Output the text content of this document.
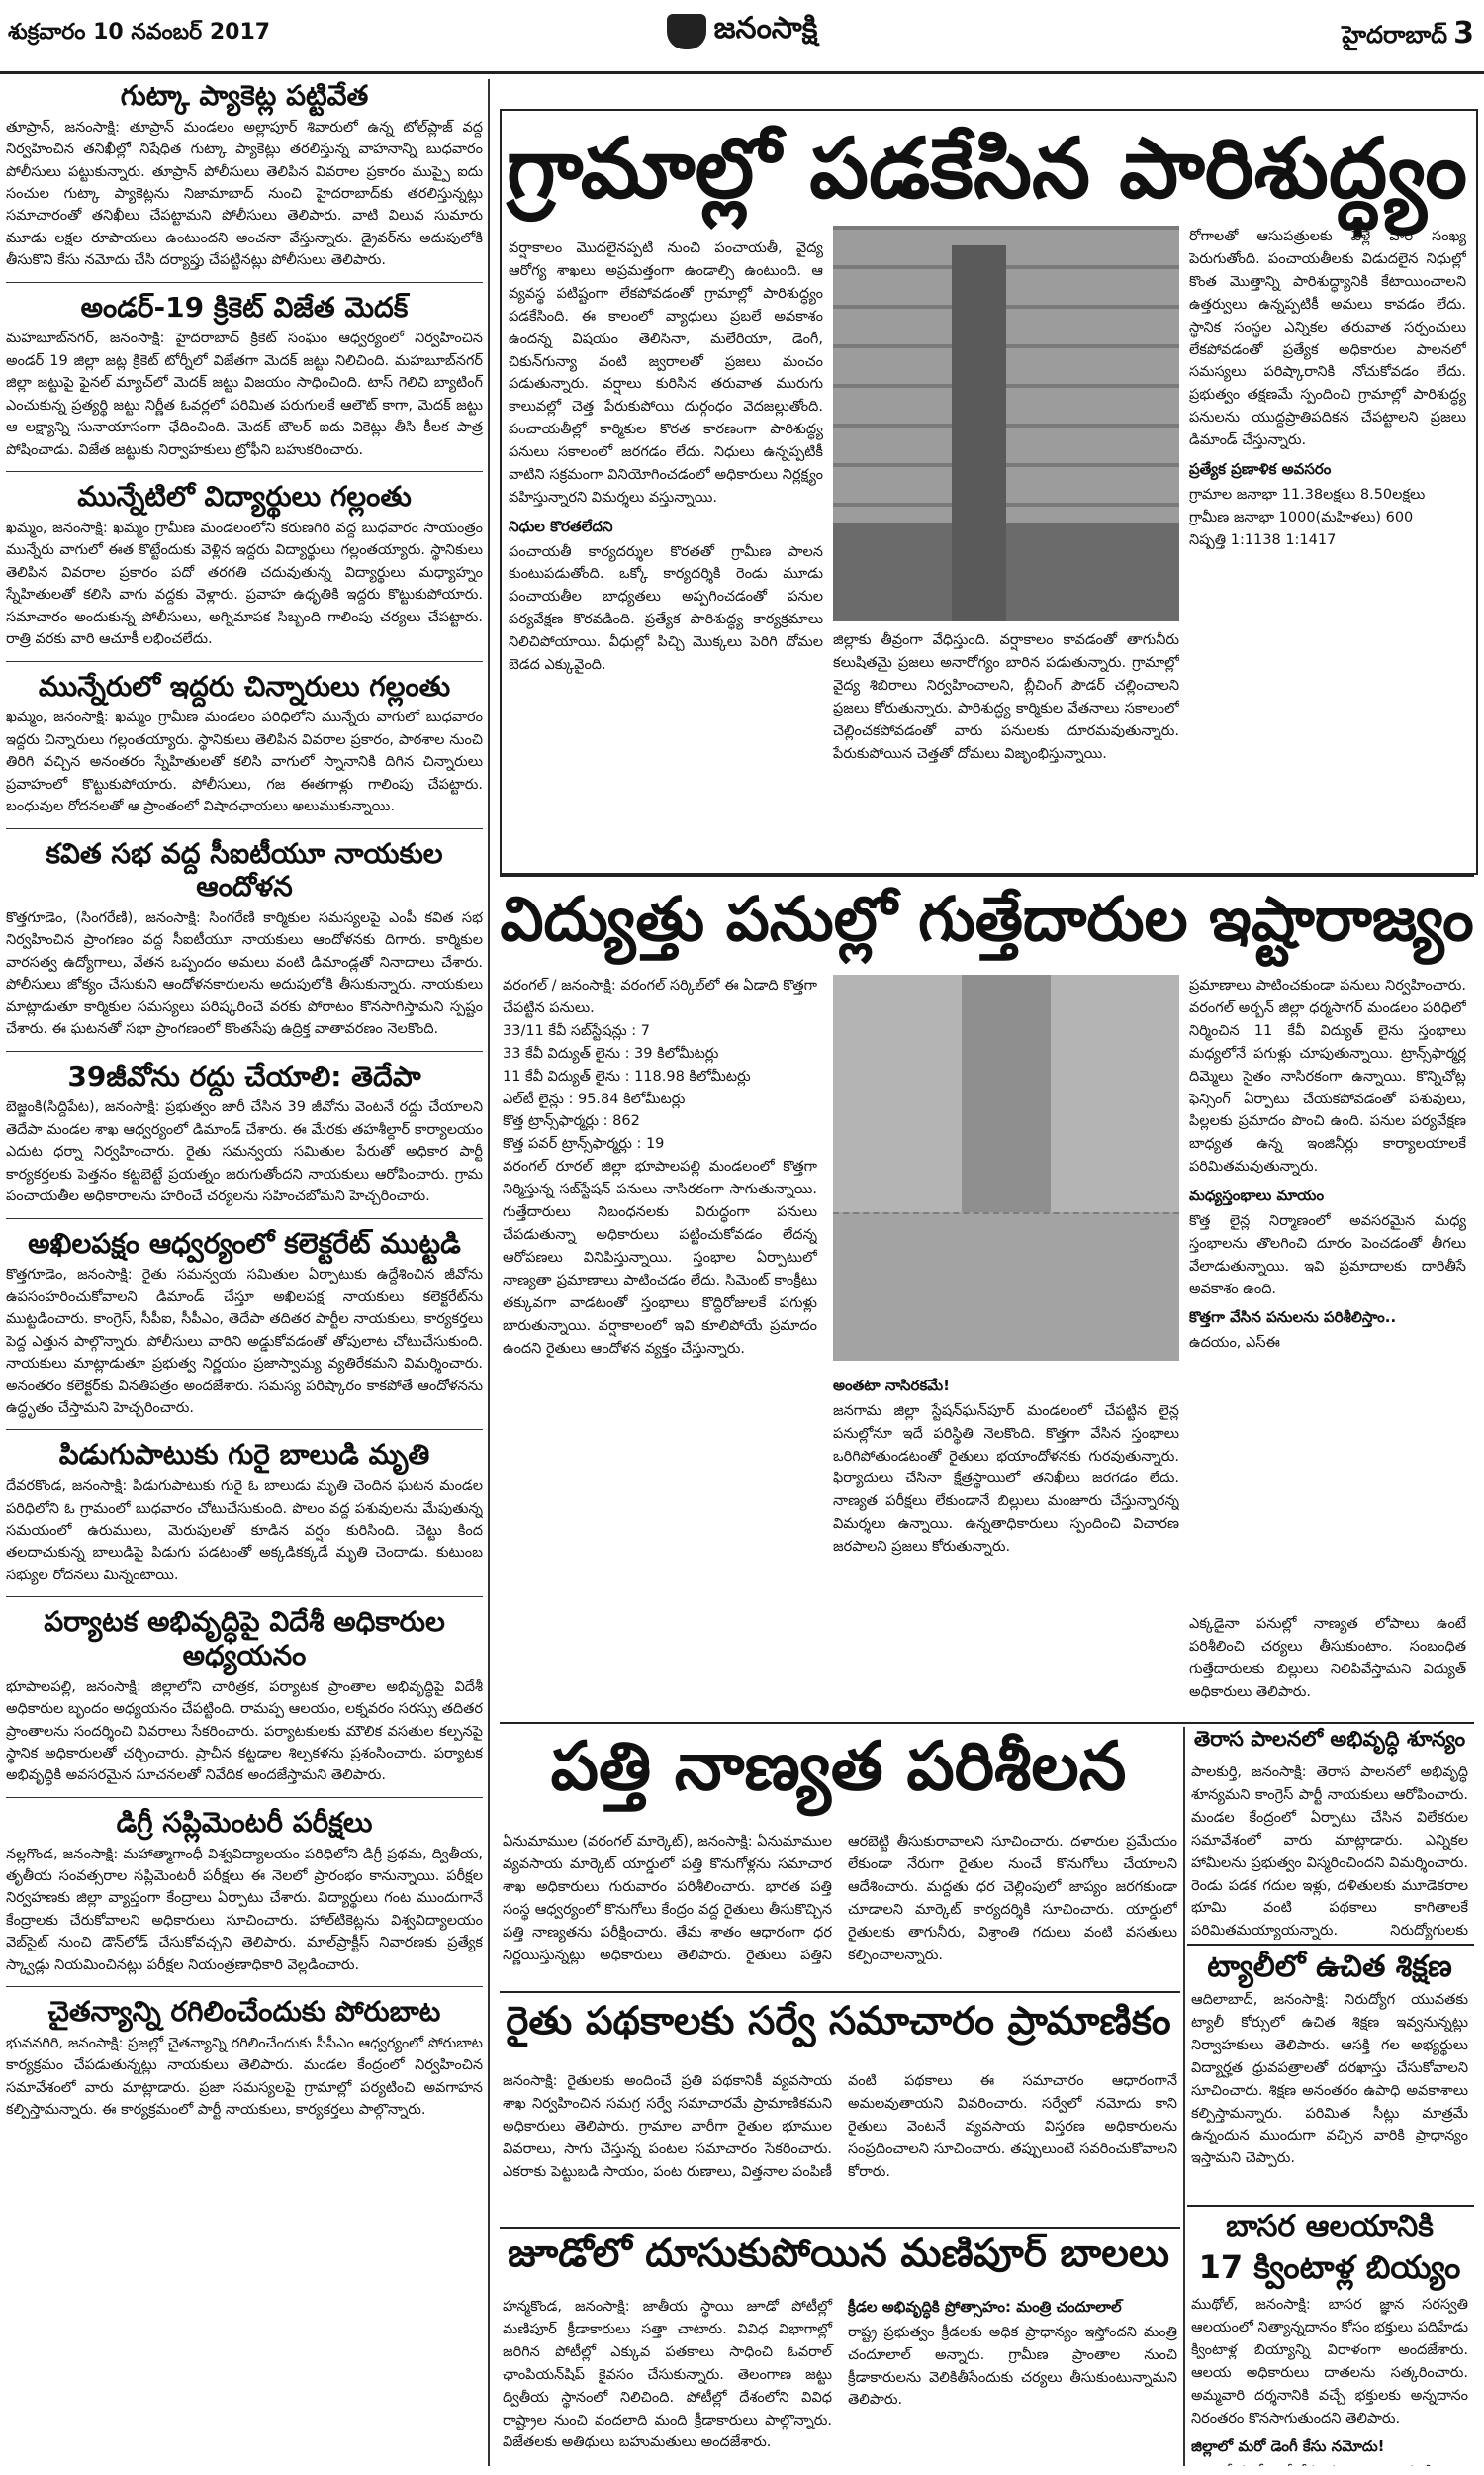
శుక్రవారం 10 నవంబర్ 2017	జనంసాక్షి	హైదరాబాద్ 3
గుట్కా ప్యాకెట్ల పట్టివేత

తూప్రాన్‌, జనంసాక్షి: తూప్రాన్‌ మండలం అల్లాపూర్‌ శివారులో ఉన్న టోల్‌ప్లాజ్‌ వద్ద నిర్వహించిన తనిఖీల్లో నిషేధిత గుట్కా ప్యాకెట్లు తరలిస్తున్న వాహనాన్ని బుధవారం పోలీసులు పట్టుకున్నారు. తూప్రాన్‌ పోలీసులు తెలిపిన వివరాల ప్రకారం ముప్పై ఐదు సంచుల గుట్కా ప్యాకెట్లను నిజామాబాద్‌ నుంచి హైదరాబాద్‌కు తరలిస్తున్నట్లు సమాచారంతో తనిఖీలు చేపట్టామని పోలీసులు తెలిపారు. వాటి విలువ సుమారు మూడు లక్షల రూపాయలు ఉంటుందని అంచనా వేస్తున్నారు. డ్రైవర్‌ను అదుపులోకి తీసుకొని కేసు నమోదు చేసి దర్యాప్తు చేపట్టినట్లు పోలీసులు తెలిపారు.

అండర్‌-19 క్రికెట్‌ విజేత మెదక్‌

మహబూబ్‌నగర్‌, జనంసాక్షి: హైదరాబాద్‌ క్రికెట్‌ సంఘం ఆధ్వర్యంలో నిర్వహించిన అండర్‌ 19 జిల్లా జట్ల క్రికెట్‌ టోర్నీలో విజేతగా మెదక్‌ జట్టు నిలిచింది. మహబూబ్‌నగర్‌ జిల్లా జట్టుపై ఫైనల్‌ మ్యాచ్‌లో మెదక్‌ జట్టు విజయం సాధించింది. టాస్‌ గెలిచి బ్యాటింగ్‌ ఎంచుకున్న ప్రత్యర్థి జట్టు నిర్ణీత ఓవర్లలో పరిమిత పరుగులకే ఆలౌట్‌ కాగా, మెదక్‌ జట్టు ఆ లక్ష్యాన్ని సునాయాసంగా ఛేదించింది. మెదక్‌ బౌలర్‌ ఐదు వికెట్లు తీసి కీలక పాత్ర పోషించాడు. విజేత జట్టుకు నిర్వాహకులు ట్రోఫీని బహుకరించారు.

మున్నేటిలో విద్యార్థులు గల్లంతు

ఖమ్మం, జనంసాక్షి: ఖమ్మం గ్రామీణ మండలంలోని కరుణగిరి వద్ద బుధవారం సాయంత్రం మున్నేరు వాగులో ఈత కొట్టేందుకు వెళ్లిన ఇద్దరు విద్యార్థులు గల్లంతయ్యారు. స్థానికులు తెలిపిన వివరాల ప్రకారం పదో తరగతి చదువుతున్న విద్యార్థులు మధ్యాహ్నం స్నేహితులతో కలిసి వాగు వద్దకు వెళ్లారు. ప్రవాహ ఉధృతికి ఇద్దరు కొట్టుకుపోయారు. సమాచారం అందుకున్న పోలీసులు, అగ్నిమాపక సిబ్బంది గాలింపు చర్యలు చేపట్టారు. రాత్రి వరకు వారి ఆచూకీ లభించలేదు.

మున్నేరులో ఇద్దరు చిన్నారులు గల్లంతు

ఖమ్మం, జనంసాక్షి: ఖమ్మం గ్రామీణ మండలం పరిధిలోని మున్నేరు వాగులో బుధవారం ఇద్దరు చిన్నారులు గల్లంతయ్యారు. స్థానికులు తెలిపిన వివరాల ప్రకారం, పాఠశాల నుంచి తిరిగి వచ్చిన అనంతరం స్నేహితులతో కలిసి వాగులో స్నానానికి దిగిన చిన్నారులు ప్రవాహంలో కొట్టుకుపోయారు. పోలీసులు, గజ ఈతగాళ్లు గాలింపు చేపట్టారు. బంధువుల రోదనలతో ఆ ప్రాంతంలో విషాదఛాయలు అలుముకున్నాయి.

కవిత సభ వద్ద సీఐటీయూ నాయకుల ఆందోళన

కొత్తగూడెం, (సింగరేణి), జనంసాక్షి: సింగరేణి కార్మికుల సమస్యలపై ఎంపీ కవిత సభ నిర్వహించిన ప్రాంగణం వద్ద సీఐటీయూ నాయకులు ఆందోళనకు దిగారు. కార్మికుల వారసత్వ ఉద్యోగాలు, వేతన ఒప్పందం అమలు వంటి డిమాండ్లతో నినాదాలు చేశారు. పోలీసులు జోక్యం చేసుకుని ఆందోళనకారులను అదుపులోకి తీసుకున్నారు. నాయకులు మాట్లాడుతూ కార్మికుల సమస్యలు పరిష్కరించే వరకు పోరాటం కొనసాగిస్తామని స్పష్టం చేశారు. ఈ ఘటనతో సభా ప్రాంగణంలో కొంతసేపు ఉద్రిక్త వాతావరణం నెలకొంది.

39జీవోను రద్దు చేయాలి: తెదేపా

బెజ్జంకి(సిద్దిపేట), జనంసాక్షి: ప్రభుత్వం జారీ చేసిన 39 జీవోను వెంటనే రద్దు చేయాలని తెదేపా మండల శాఖ ఆధ్వర్యంలో డిమాండ్‌ చేశారు. ఈ మేరకు తహశీల్దార్‌ కార్యాలయం ఎదుట ధర్నా నిర్వహించారు. రైతు సమన్వయ సమితుల పేరుతో అధికార పార్టీ కార్యకర్తలకు పెత్తనం కట్టబెట్టే ప్రయత్నం జరుగుతోందని నాయకులు ఆరోపించారు. గ్రామ పంచాయతీల అధికారాలను హరించే చర్యలను సహించబోమని హెచ్చరించారు.

అఖిలపక్షం ఆధ్వర్యంలో కలెక్టరేట్‌ ముట్టడి

కొత్తగూడెం, జనంసాక్షి: రైతు సమన్వయ సమితుల ఏర్పాటుకు ఉద్దేశించిన జీవోను ఉపసంహరించుకోవాలని డిమాండ్‌ చేస్తూ అఖిలపక్ష నాయకులు కలెక్టరేట్‌ను ముట్టడించారు. కాంగ్రెస్‌, సీపీఐ, సీపీఎం, తెదేపా తదితర పార్టీల నాయకులు, కార్యకర్తలు పెద్ద ఎత్తున పాల్గొన్నారు. పోలీసులు వారిని అడ్డుకోవడంతో తోపులాట చోటుచేసుకుంది. నాయకులు మాట్లాడుతూ ప్రభుత్వ నిర్ణయం ప్రజాస్వామ్య వ్యతిరేకమని విమర్శించారు. అనంతరం కలెక్టర్‌కు వినతిపత్రం అందజేశారు. సమస్య పరిష్కారం కాకపోతే ఆందోళనను ఉద్ధృతం చేస్తామని హెచ్చరించారు.

పిడుగుపాటుకు గురై బాలుడి మృతి

దేవరకొండ, జనంసాక్షి: పిడుగుపాటుకు గురై ఓ బాలుడు మృతి చెందిన ఘటన మండల పరిధిలోని ఓ గ్రామంలో బుధవారం చోటుచేసుకుంది. పొలం వద్ద పశువులను మేపుతున్న సమయంలో ఉరుములు, మెరుపులతో కూడిన వర్షం కురిసింది. చెట్టు కింద తలదాచుకున్న బాలుడిపై పిడుగు పడటంతో అక్కడికక్కడే మృతి చెందాడు. కుటుంబ సభ్యుల రోదనలు మిన్నంటాయి.

పర్యాటక అభివృద్ధిపై విదేశీ అధికారుల అధ్యయనం

భూపాలపల్లి, జనంసాక్షి: జిల్లాలోని చారిత్రక, పర్యాటక ప్రాంతాల అభివృద్ధిపై విదేశీ అధికారుల బృందం అధ్యయనం చేపట్టింది. రామప్ప ఆలయం, లక్నవరం సరస్సు తదితర ప్రాంతాలను సందర్శించి వివరాలు సేకరించారు. పర్యాటకులకు మౌలిక వసతుల కల్పనపై స్థానిక అధికారులతో చర్చించారు. ప్రాచీన కట్టడాల శిల్పకళను ప్రశంసించారు. పర్యాటక అభివృద్ధికి అవసరమైన సూచనలతో నివేదిక అందజేస్తామని తెలిపారు.

డిగ్రీ సప్లిమెంటరీ పరీక్షలు

నల్లగొండ, జనంసాక్షి: మహాత్మాగాంధీ విశ్వవిద్యాలయం పరిధిలోని డిగ్రీ ప్రథమ, ద్వితీయ, తృతీయ సంవత్సరాల సప్లిమెంటరీ పరీక్షలు ఈ నెలలో ప్రారంభం కానున్నాయి. పరీక్షల నిర్వహణకు జిల్లా వ్యాప్తంగా కేంద్రాలు ఏర్పాటు చేశారు. విద్యార్థులు గంట ముందుగానే కేంద్రాలకు చేరుకోవాలని అధికారులు సూచించారు. హాల్‌టికెట్లను విశ్వవిద్యాలయం వెబ్‌సైట్‌ నుంచి డౌన్‌లోడ్‌ చేసుకోవచ్చని తెలిపారు. మాల్‌ప్రాక్టీస్‌ నివారణకు ప్రత్యేక స్క్వాడ్లు నియమించినట్లు పరీక్షల నియంత్రణాధికారి వెల్లడించారు.

చైతన్యాన్ని రగిలించేందుకు పోరుబాట

భువనగిరి, జనంసాక్షి: ప్రజల్లో చైతన్యాన్ని రగిలించేందుకు సీపీఎం ఆధ్వర్యంలో పోరుబాట కార్యక్రమం చేపడుతున్నట్లు నాయకులు తెలిపారు. మండల కేంద్రంలో నిర్వహించిన సమావేశంలో వారు మాట్లాడారు. ప్రజా సమస్యలపై గ్రామాల్లో పర్యటించి అవగాహన కల్పిస్తామన్నారు. ఈ కార్యక్రమంలో పార్టీ నాయకులు, కార్యకర్తలు పాల్గొన్నారు.

గ్రామాల్లో పడకేసిన పారిశుద్ధ్యం
వర్షాకాలం మొదలైనప్పటి నుంచి పంచాయతీ, వైద్య ఆరోగ్య శాఖలు అప్రమత్తంగా ఉండాల్సి ఉంటుంది. ఆ వ్యవస్థ పటిష్టంగా లేకపోవడంతో గ్రామాల్లో పారిశుద్ధ్యం పడకేసింది. ఈ కాలంలో వ్యాధులు ప్రబలే అవకాశం ఉందన్న విషయం తెలిసినా, మలేరియా, డెంగీ, చికున్‌గున్యా వంటి జ్వరాలతో ప్రజలు మంచం పడుతున్నారు. వర్షాలు కురిసిన తరువాత మురుగు కాలువల్లో చెత్త పేరుకుపోయి దుర్గంధం వెదజల్లుతోంది. పంచాయతీల్లో కార్మికుల కొరత కారణంగా పారిశుద్ధ్య పనులు సకాలంలో జరగడం లేదు. నిధులు ఉన్నప్పటికీ వాటిని సక్రమంగా వినియోగించడంలో అధికారులు నిర్లక్ష్యం వహిస్తున్నారని విమర్శలు వస్తున్నాయి.
నిధుల కొరతలేదని
పంచాయతీ కార్యదర్శుల కొరతతో గ్రామీణ పాలన కుంటుపడుతోంది. ఒక్కో కార్యదర్శికి రెండు మూడు పంచాయతీల బాధ్యతలు అప్పగించడంతో పనుల పర్యవేక్షణ కొరవడింది. ప్రత్యేక పారిశుద్ధ్య కార్యక్రమాలు నిలిచిపోయాయి. వీధుల్లో పిచ్చి మొక్కలు పెరిగి దోమల బెడద ఎక్కువైంది.
జిల్లాకు తీవ్రంగా వేధిస్తుంది. వర్షాకాలం కావడంతో తాగునీరు కలుషితమై ప్రజలు అనారోగ్యం బారిన పడుతున్నారు. గ్రామాల్లో వైద్య శిబిరాలు నిర్వహించాలని, బ్లీచింగ్‌ పౌడర్‌ చల్లించాలని ప్రజలు కోరుతున్నారు. పారిశుద్ధ్య కార్మికుల వేతనాలు సకాలంలో చెల్లించకపోవడంతో వారు పనులకు దూరమవుతున్నారు. పేరుకుపోయిన చెత్తతో దోమలు విజృంభిస్తున్నాయి.
రోగాలతో ఆసుపత్రులకు వెళ్లే వారి సంఖ్య పెరుగుతోంది. పంచాయతీలకు విడుదలైన నిధుల్లో కొంత మొత్తాన్ని పారిశుద్ధ్యానికి కేటాయించాలని ఉత్తర్వులు ఉన్నప్పటికీ అమలు కావడం లేదు. స్థానిక సంస్థల ఎన్నికల తరువాత సర్పంచులు లేకపోవడంతో ప్రత్యేక అధికారుల పాలనలో సమస్యలు పరిష్కారానికి నోచుకోవడం లేదు. ప్రభుత్వం తక్షణమే స్పందించి గ్రామాల్లో పారిశుద్ధ్య పనులను యుద్ధప్రాతిపదికన చేపట్టాలని ప్రజలు డిమాండ్‌ చేస్తున్నారు.
ప్రత్యేక ప్రణాళిక అవసరం
గ్రామాల జనాభా 11.38లక్షలు 8.50లక్షలు
గ్రామీణ జనాభా 1000(మహిళలు) 600
నిష్పత్తి 1:1138 1:1417
విద్యుత్తు పనుల్లో గుత్తేదారుల ఇష్టారాజ్యం
వరంగల్‌ / జనంసాక్షి: వరంగల్‌ సర్కిల్‌లో ఈ ఏడాది కొత్తగా చేపట్టిన పనులు.
33/11 కేవీ సబ్‌స్టేషన్లు : 7
33 కేవీ విద్యుత్‌ లైను : 39 కిలోమీటర్లు
11 కేవీ విద్యుత్‌ లైను : 118.98 కిలోమీటర్లు
ఎల్‌టీ లైన్లు : 95.84 కిలోమీటర్లు
కొత్త ట్రాన్స్‌ఫార్మర్లు : 862
కొత్త పవర్‌ ట్రాన్స్‌ఫార్మర్లు : 19
వరంగల్‌ రూరల్‌ జిల్లా భూపాలపల్లి మండలంలో కొత్తగా నిర్మిస్తున్న సబ్‌స్టేషన్‌ పనులు నాసిరకంగా సాగుతున్నాయి. గుత్తేదారులు నిబంధనలకు విరుద్ధంగా పనులు చేపడుతున్నా అధికారులు పట్టించుకోవడం లేదన్న ఆరోపణలు వినిపిస్తున్నాయి. స్తంభాల ఏర్పాటులో నాణ్యతా ప్రమాణాలు పాటించడం లేదు. సిమెంట్‌ కాంక్రీటు తక్కువగా వాడటంతో స్తంభాలు కొద్దిరోజులకే పగుళ్లు బారుతున్నాయి. వర్షాకాలంలో ఇవి కూలిపోయే ప్రమాదం ఉందని రైతులు ఆందోళన వ్యక్తం చేస్తున్నారు.
అంతటా నాసిరకమే!
జనగామ జిల్లా స్టేషన్‌ఘన్‌పూర్‌ మండలంలో చేపట్టిన లైన్ల పనుల్లోనూ ఇదే పరిస్థితి నెలకొంది. కొత్తగా వేసిన స్తంభాలు ఒరిగిపోతుండటంతో రైతులు భయాందోళనకు గురవుతున్నారు. ఫిర్యాదులు చేసినా క్షేత్రస్థాయిలో తనిఖీలు జరగడం లేదు. నాణ్యత పరీక్షలు లేకుండానే బిల్లులు మంజూరు చేస్తున్నారన్న విమర్శలు ఉన్నాయి. ఉన్నతాధికారులు స్పందించి విచారణ జరపాలని ప్రజలు కోరుతున్నారు.
ప్రమాణాలు పాటించకుండా పనులు నిర్వహించారు. వరంగల్‌ అర్బన్‌ జిల్లా ధర్మసాగర్‌ మండలం పరిధిలో నిర్మించిన 11 కేవీ విద్యుత్‌ లైను స్తంభాలు మధ్యలోనే పగుళ్లు చూపుతున్నాయి. ట్రాన్స్‌ఫార్మర్ల దిమ్మెలు సైతం నాసిరకంగా ఉన్నాయి. కొన్నిచోట్ల ఫెన్సింగ్‌ ఏర్పాటు చేయకపోవడంతో పశువులు, పిల్లలకు ప్రమాదం పొంచి ఉంది. పనుల పర్యవేక్షణ బాధ్యత ఉన్న ఇంజినీర్లు కార్యాలయాలకే పరిమితమవుతున్నారు.
మధ్యస్తంభాలు మాయం
కొత్త లైన్ల నిర్మాణంలో అవసరమైన మధ్య స్తంభాలను తొలగించి దూరం పెంచడంతో తీగలు వేలాడుతున్నాయి. ఇవి ప్రమాదాలకు దారితీసే అవకాశం ఉంది.
కొత్తగా వేసిన పనులను పరిశీలిస్తాం..
ఉదయం, ఎస్‌ఈ
ఎక్కడైనా పనుల్లో నాణ్యత లోపాలు ఉంటే పరిశీలించి చర్యలు తీసుకుంటాం. సంబంధిత గుత్తేదారులకు బిల్లులు నిలిపివేస్తామని విద్యుత్‌ అధికారులు తెలిపారు.
పత్తి నాణ్యత పరిశీలన
ఏనుమాముల (వరంగల్‌ మార్కెట్‌), జనంసాక్షి: ఏనుమాముల వ్యవసాయ మార్కెట్‌ యార్డులో పత్తి కొనుగోళ్లను సమాచార శాఖ అధికారులు గురువారం పరిశీలించారు. భారత పత్తి సంస్థ ఆధ్వర్యంలో కొనుగోలు కేంద్రం వద్ద రైతులు తీసుకొచ్చిన పత్తి నాణ్యతను పరీక్షించారు. తేమ శాతం ఆధారంగా ధర నిర్ణయిస్తున్నట్లు అధికారులు తెలిపారు. రైతులు పత్తిని ఆరబెట్టి తీసుకురావాలని సూచించారు. దళారుల ప్రమేయం లేకుండా నేరుగా రైతుల నుంచే కొనుగోలు చేయాలని ఆదేశించారు. మద్దతు ధర చెల్లింపులో జాప్యం జరగకుండా చూడాలని మార్కెట్‌ కార్యదర్శికి సూచించారు. యార్డులో రైతులకు తాగునీరు, విశ్రాంతి గదులు వంటి వసతులు కల్పించాలన్నారు.
రైతు పథకాలకు సర్వే సమాచారం ప్రామాణికం
జనంసాక్షి: రైతులకు అందించే ప్రతి పథకానికీ వ్యవసాయ శాఖ నిర్వహించిన సమగ్ర సర్వే సమాచారమే ప్రామాణికమని అధికారులు తెలిపారు. గ్రామాల వారీగా రైతుల భూముల వివరాలు, సాగు చేస్తున్న పంటల సమాచారం సేకరించారు. ఎకరాకు పెట్టుబడి సాయం, పంట రుణాలు, విత్తనాల పంపిణీ వంటి పథకాలు ఈ సమాచారం ఆధారంగానే అమలవుతాయని వివరించారు. సర్వేలో నమోదు కాని రైతులు వెంటనే వ్యవసాయ విస్తరణ అధికారులను సంప్రదించాలని సూచించారు. తప్పులుంటే సవరించుకోవాలని కోరారు.
జూడోలో దూసుకుపోయిన మణిపూర్‌ బాలలు
హన్మకొండ, జనంసాక్షి: జాతీయ స్థాయి జూడో పోటీల్లో మణిపూర్‌ క్రీడాకారులు సత్తా చాటారు. వివిధ విభాగాల్లో జరిగిన పోటీల్లో ఎక్కువ పతకాలు సాధించి ఓవరాల్‌ ఛాంపియన్‌షిప్‌ కైవసం చేసుకున్నారు. తెలంగాణ జట్టు ద్వితీయ స్థానంలో నిలిచింది. పోటీల్లో దేశంలోని వివిధ రాష్ట్రాల నుంచి వందలాది మంది క్రీడాకారులు పాల్గొన్నారు. విజేతలకు అతిథులు బహుమతులు అందజేశారు.
క్రీడల అభివృద్ధికి ప్రోత్సాహం: మంత్రి చందూలాల్
రాష్ట్ర ప్రభుత్వం క్రీడలకు అధిక ప్రాధాన్యం ఇస్తోందని మంత్రి చందూలాల్‌ అన్నారు. గ్రామీణ ప్రాంతాల నుంచి క్రీడాకారులను వెలికితీసేందుకు చర్యలు తీసుకుంటున్నామని తెలిపారు.
తెరాస పాలనలో అభివృద్ధి శూన్యం
పాలకుర్తి, జనంసాక్షి: తెరాస పాలనలో అభివృద్ధి శూన్యమని కాంగ్రెస్‌ పార్టీ నాయకులు ఆరోపించారు. మండల కేంద్రంలో ఏర్పాటు చేసిన విలేకరుల సమావేశంలో వారు మాట్లాడారు. ఎన్నికల హామీలను ప్రభుత్వం విస్మరించిందని విమర్శించారు. రెండు పడక గదుల ఇళ్లు, దళితులకు మూడెకరాల భూమి వంటి పథకాలు కాగితాలకే పరిమితమయ్యాయన్నారు. నిరుద్యోగులకు
ట్యాలీలో ఉచిత శిక్షణ
ఆదిలాబాద్‌, జనంసాక్షి: నిరుద్యోగ యువతకు ట్యాలీ కోర్సులో ఉచిత శిక్షణ ఇవ్వనున్నట్లు నిర్వాహకులు తెలిపారు. ఆసక్తి గల అభ్యర్థులు విద్యార్హత ధ్రువపత్రాలతో దరఖాస్తు చేసుకోవాలని సూచించారు. శిక్షణ అనంతరం ఉపాధి అవకాశాలు కల్పిస్తామన్నారు. పరిమిత సీట్లు మాత్రమే ఉన్నందున ముందుగా వచ్చిన వారికి ప్రాధాన్యం ఇస్తామని చెప్పారు.
బాసర ఆలయానికి
17 క్వింటాళ్ల బియ్యం
ముథోల్‌, జనంసాక్షి: బాసర జ్ఞాన సరస్వతి ఆలయంలో నిత్యాన్నదానం కోసం భక్తులు పదిహేడు క్వింటాళ్ల బియ్యాన్ని విరాళంగా అందజేశారు. ఆలయ అధికారులు దాతలను సత్కరించారు. అమ్మవారి దర్శనానికి వచ్చే భక్తులకు అన్నదానం నిరంతరం కొనసాగుతుందని తెలిపారు.
జిల్లాలో మరో డెంగీ కేసు నమోదు!
